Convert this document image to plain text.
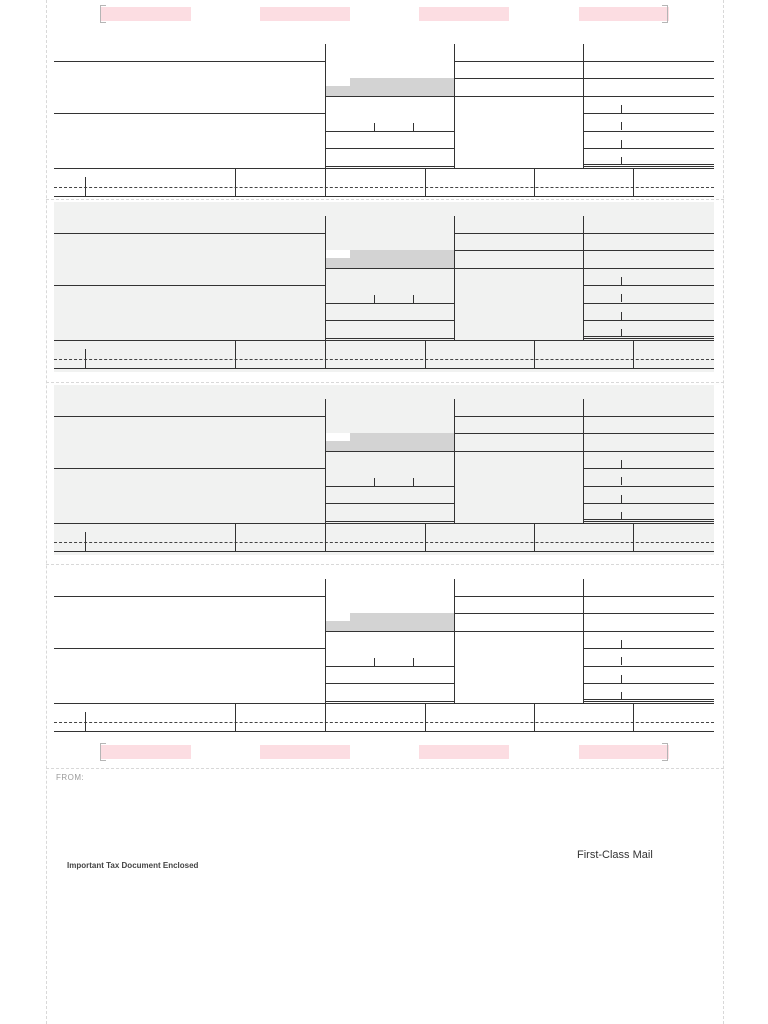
FROM:
Important Tax Document Enclosed
First-Class Mail
